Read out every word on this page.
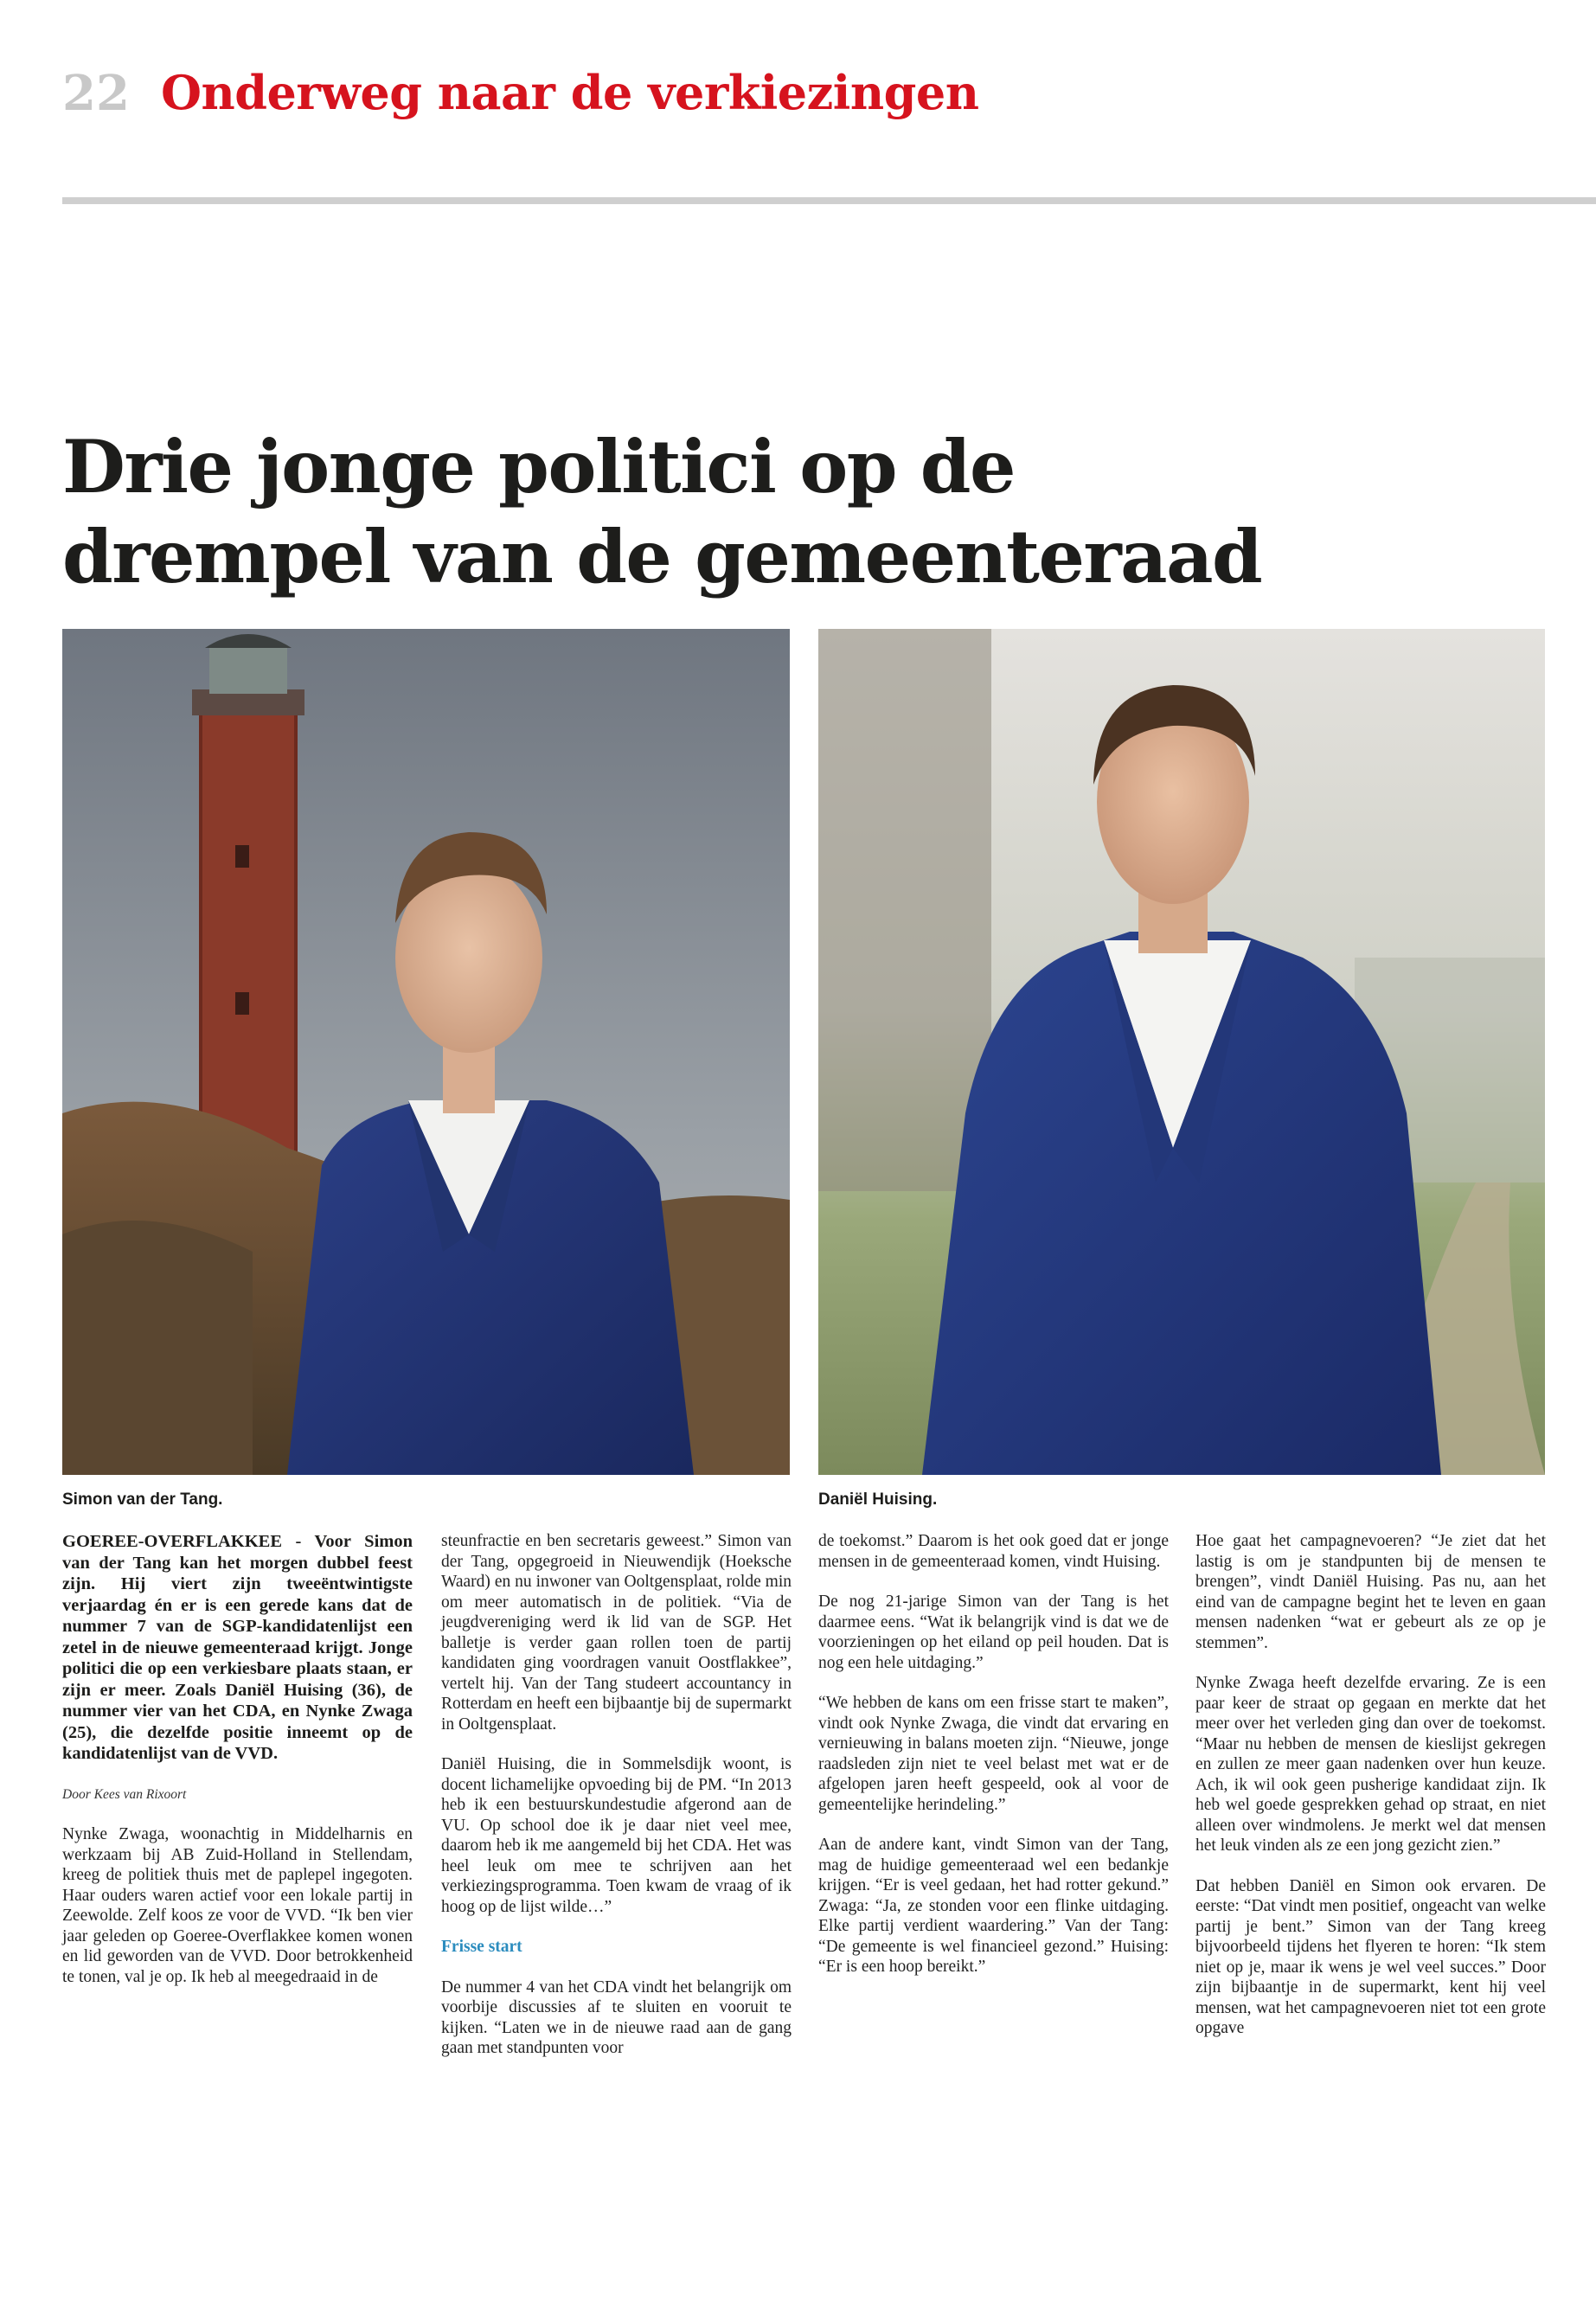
22 Onderweg naar de verkiezingen
Drie jonge politici op de
drempel van de gemeenteraad
Simon van der Tang.	Daniël Huising.

GOEREE-OVERFLAKKEE - Voor Simon van der Tang kan het morgen dubbel feest zijn. Hij viert zijn tweeëntwintigste verjaardag én er is een gerede kans dat de nummer 7 van de SGP-kandidatenlijst een zetel in de nieuwe gemeenteraad krijgt. Jonge politici die op een verkiesbare plaats staan, er zijn er meer. Zoals Daniël Huising (36), de nummer vier van het CDA, en Nynke Zwaga (25), die dezelfde positie inneemt op de kandidatenlijst van de VVD.

Door Kees van Rixoort

Nynke Zwaga, woonachtig in Middelharnis en werkzaam bij AB Zuid-Holland in Stellendam, kreeg de politiek thuis met de paplepel ingegoten. Haar ouders waren actief voor een lokale partij in Zeewolde. Zelf koos ze voor de VVD. “Ik ben vier jaar geleden op Goeree-Overflakkee komen wonen en lid geworden van de VVD. Door betrokkenheid te tonen, val je op. Ik heb al meegedraaid in de

steunfractie en ben secretaris geweest.” Simon van der Tang, opgegroeid in Nieuwendijk (Hoeksche Waard) en nu inwoner van Ooltgensplaat, rolde min om meer automatisch in de politiek. “Via de jeugdvereniging werd ik lid van de SGP. Het balletje is verder gaan rollen toen de partij kandidaten ging voordragen vanuit Oostflakkee”, vertelt hij. Van der Tang studeert accountancy in Rotterdam en heeft een bijbaantje bij de supermarkt in Ooltgensplaat.

Daniël Huising, die in Sommelsdijk woont, is docent lichamelijke opvoeding bij de PM. “In 2013 heb ik een bestuurskundestudie afgerond aan de VU. Op school doe ik je daar niet veel mee, daarom heb ik me aangemeld bij het CDA. Het was heel leuk om mee te schrijven aan het verkiezingsprogramma. Toen kwam de vraag of ik hoog op de lijst wilde…”

Frisse start

De nummer 4 van het CDA vindt het belangrijk om voorbije discussies af te sluiten en vooruit te kijken. “Laten we in de nieuwe raad aan de gang gaan met standpunten voor

de toekomst.” Daarom is het ook goed dat er jonge mensen in de gemeenteraad komen, vindt Huising.

De nog 21-jarige Simon van der Tang is het daarmee eens. “Wat ik belangrijk vind is dat we de voorzieningen op het eiland op peil houden. Dat is nog een hele uitdaging.”

“We hebben de kans om een frisse start te maken”, vindt ook Nynke Zwaga, die vindt dat ervaring en vernieuwing in balans moeten zijn. “Nieuwe, jonge raadsleden zijn niet te veel belast met wat er de afgelopen jaren heeft gespeeld, ook al voor de gemeentelijke herindeling.”

Aan de andere kant, vindt Simon van der Tang, mag de huidige gemeenteraad wel een bedankje krijgen. “Er is veel gedaan, het had rotter gekund.” Zwaga: “Ja, ze stonden voor een flinke uitdaging. Elke partij verdient waardering.” Van der Tang: “De gemeente is wel financieel gezond.” Huising: “Er is een hoop bereikt.”

Hoe gaat het campagnevoeren? “Je ziet dat het lastig is om je standpunten bij de mensen te brengen”, vindt Daniël Huising. Pas nu, aan het eind van de campagne begint het te leven en gaan mensen nadenken “wat er gebeurt als ze op je stemmen”.

Nynke Zwaga heeft dezelfde ervaring. Ze is een paar keer de straat op gegaan en merkte dat het meer over het verleden ging dan over de toekomst. “Maar nu hebben de mensen de kieslijst gekregen en zullen ze meer gaan nadenken over hun keuze. Ach, ik wil ook geen pusherige kandidaat zijn. Ik heb wel goede gesprekken gehad op straat, en niet alleen over windmolens. Je merkt wel dat mensen het leuk vinden als ze een jong gezicht zien.”

Dat hebben Daniël en Simon ook ervaren. De eerste: “Dat vindt men positief, ongeacht van welke partij je bent.” Simon van der Tang kreeg bijvoorbeeld tijdens het flyeren te horen: “Ik stem niet op je, maar ik wens je wel veel succes.” Door zijn bijbaantje in de supermarkt, kent hij veel mensen, wat het campagnevoeren niet tot een grote opgave
